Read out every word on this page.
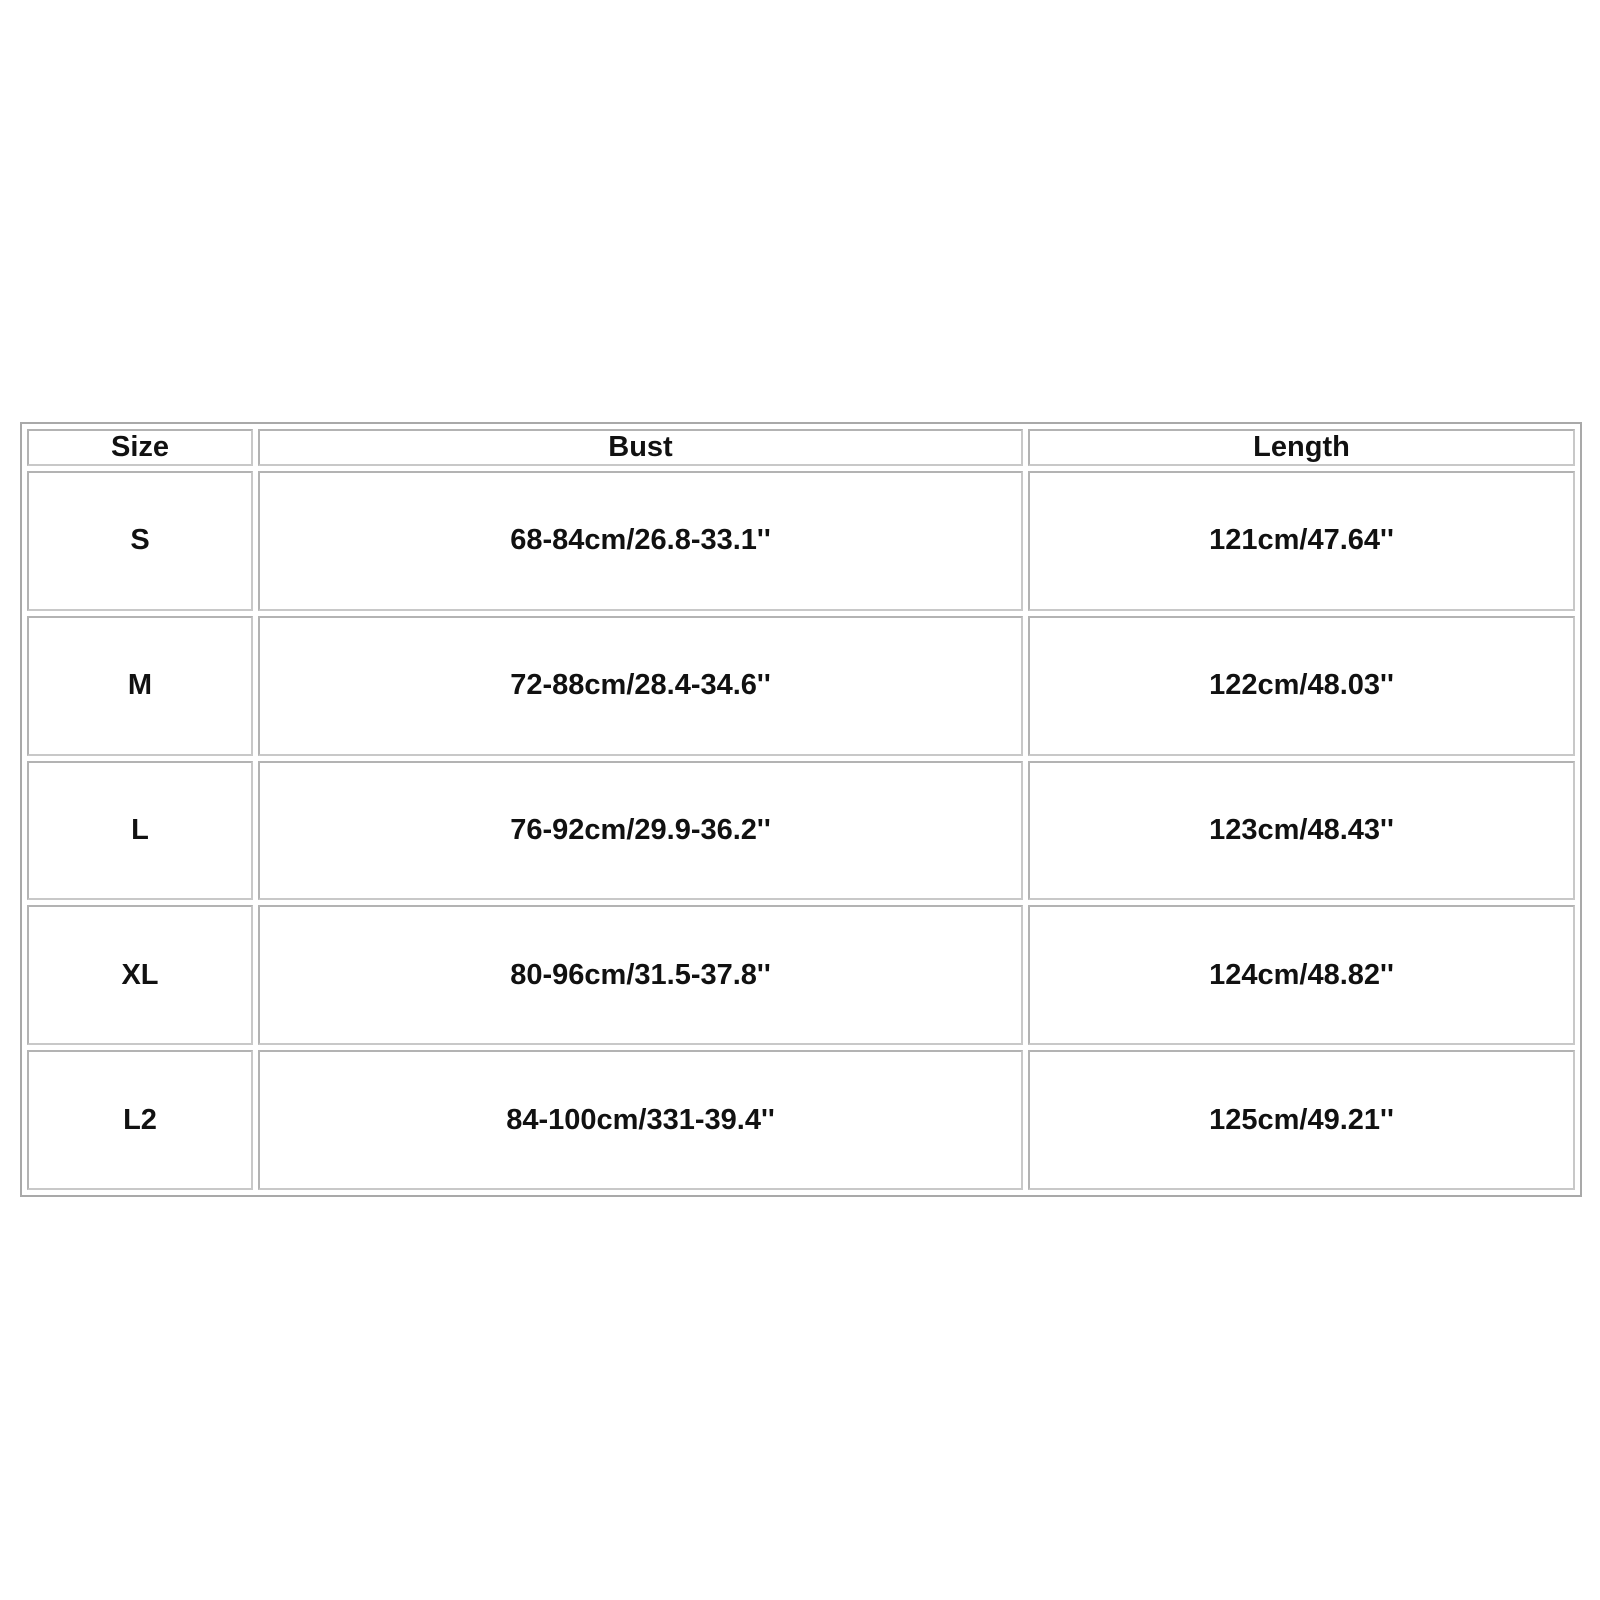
Size	Bust	Length
S	68-84cm/26.8-33.1''	121cm/47.64''
M	72-88cm/28.4-34.6''	122cm/48.03''
L	76-92cm/29.9-36.2''	123cm/48.43''
XL	80-96cm/31.5-37.8''	124cm/48.82''
L2	84-100cm/331-39.4''	125cm/49.21''
